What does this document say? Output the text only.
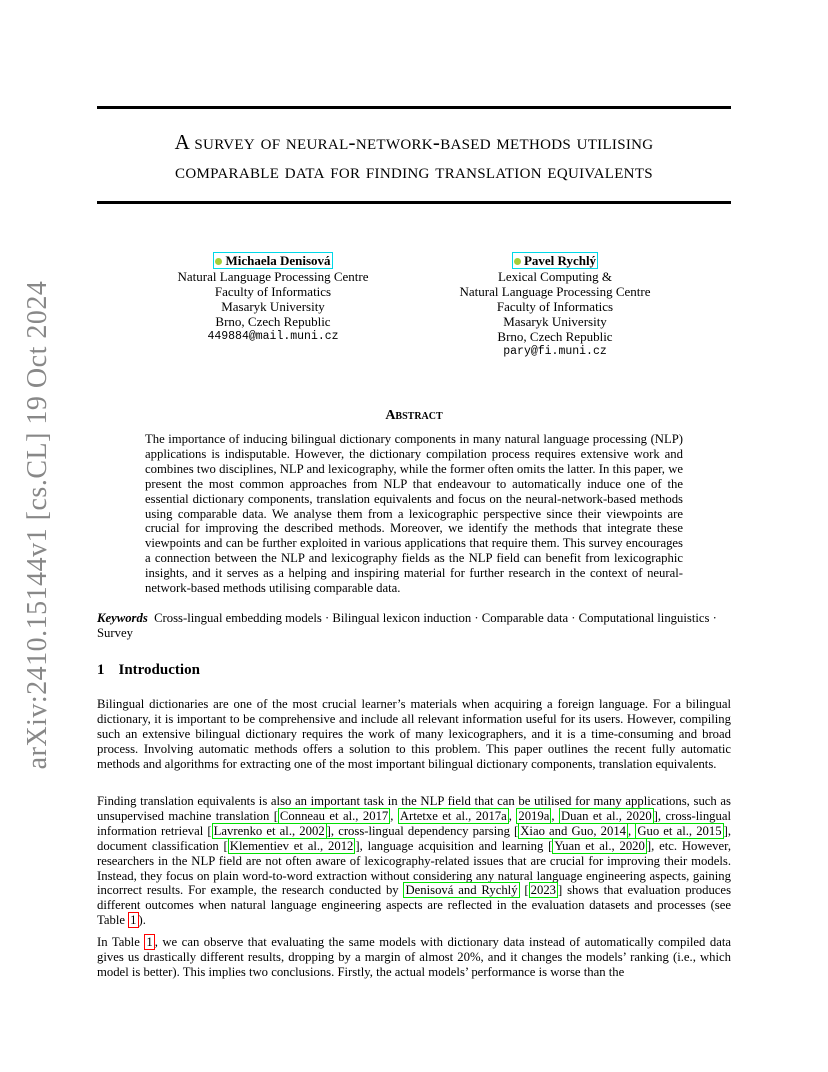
arXiv:2410.15144v1 [cs.CL] 19 Oct 2024
A survey of neural-network-based methods utilising
comparable data for finding translation equivalents
Michaela Denisová
Natural Language Processing Centre
Faculty of Informatics
Masaryk University
Brno, Czech Republic
449884@mail.muni.cz
Pavel Rychlý
Lexical Computing &
Natural Language Processing Centre
Faculty of Informatics
Masaryk University
Brno, Czech Republic
pary@fi.muni.cz
Abstract
The importance of inducing bilingual dictionary components in many natural language processing (NLP) applications is indisputable. However, the dictionary compilation process requires extensive work and combines two disciplines, NLP and lexicography, while the former often omits the latter. In this paper, we present the most common approaches from NLP that endeavour to automatically induce one of the essential dictionary components, translation equivalents and focus on the neural-network-based methods using comparable data. We analyse them from a lexicographic perspective since their viewpoints are crucial for improving the described methods. Moreover, we identify the methods that integrate these viewpoints and can be further exploited in various applications that require them. This survey encourages a connection between the NLP and lexicography fields as the NLP field can benefit from lexicographic insights, and it serves as a helping and inspiring material for further research in the context of neural-network-based methods utilising comparable data.
Keywords Cross-lingual embedding models · Bilingual lexicon induction · Comparable data · Computational linguistics · Survey
1 Introduction
Bilingual dictionaries are one of the most crucial learner’s materials when acquiring a foreign language. For a bilingual dictionary, it is important to be comprehensive and include all relevant information useful for its users. However, compiling such an extensive bilingual dictionary requires the work of many lexicographers, and it is a time-consuming and broad process. Involving automatic methods offers a solution to this problem. This paper outlines the recent fully automatic methods and algorithms for extracting one of the most important bilingual dictionary components, translation equivalents.
Finding translation equivalents is also an important task in the NLP field that can be utilised for many applications, such as unsupervised machine translation [ Conneau et al., 2017 , Artetxe et al., 2017a , 2019a , Duan et al., 2020 ], cross-lingual information retrieval [ Lavrenko et al., 2002 ], cross-lingual dependency parsing [ Xiao and Guo, 2014 , Guo et al., 2015 ], document classification [ Klementiev et al., 2012 ], language acquisition and learning [ Yuan et al., 2020 ], etc. However, researchers in the NLP field are not often aware of lexicography-related issues that are crucial for improving their models. Instead, they focus on plain word-to-word extraction without considering any natural language engineering aspects, gaining incorrect results. For example, the research conducted by Denisová and Rychlý [ 2023 ] shows that evaluation produces different outcomes when natural language engineering aspects are reflected in the evaluation datasets and processes (see Table 1 ).
In Table 1 , we can observe that evaluating the same models with dictionary data instead of automatically compiled data gives us drastically different results, dropping by a margin of almost 20%, and it changes the models’ ranking (i.e., which model is better). This implies two conclusions. Firstly, the actual models’ performance is worse than the
